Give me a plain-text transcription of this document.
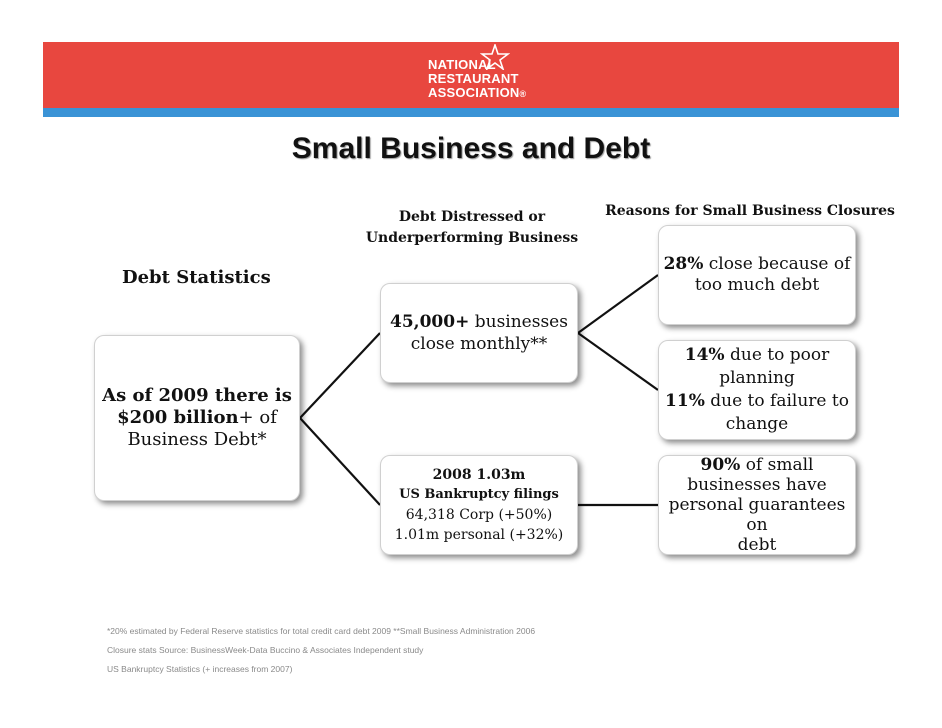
NATIONAL
RESTAURANT
ASSOCIATION®
Small Business and Debt
Debt Distressed or
Underperforming Business
Reasons for Small Business Closures
Debt Statistics
As of 2009 there is
$200 billion+ of
Business Debt*
45,000+ businesses
close monthly**
2008 1.03m
US Bankruptcy filings
64,318 Corp (+50%)
1.01m personal (+32%)
28% close because of
too much debt
14% due to poor
planning
11% due to failure to
change
90% of small
businesses have
personal guarantees on
debt
*20% estimated by Federal Reserve statistics for total credit card debt 2009 **Small Business Administration 2006
Closure stats Source: BusinessWeek-Data Buccino & Associates Independent study
US Bankruptcy Statistics (+ increases from 2007)
